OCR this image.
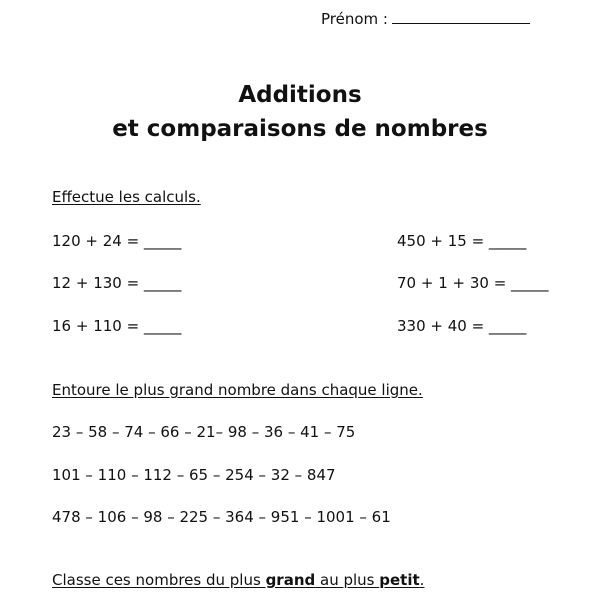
Prénom :
Additions
et comparaisons de nombres
Effectue les calculs.
120 + 24 = _____
12 + 130 = _____
16 + 110 = _____
450 + 15 = _____
70 + 1 + 30 = _____
330 + 40 = _____
Entoure le plus grand nombre dans chaque ligne.
23 – 58 – 74 – 66 – 21– 98 – 36 – 41 – 75
101 – 110 – 112 – 65 – 254 – 32 – 847
478 – 106 – 98 – 225 – 364 – 951 – 1001 – 61
Classe ces nombres du plus grand au plus petit.
